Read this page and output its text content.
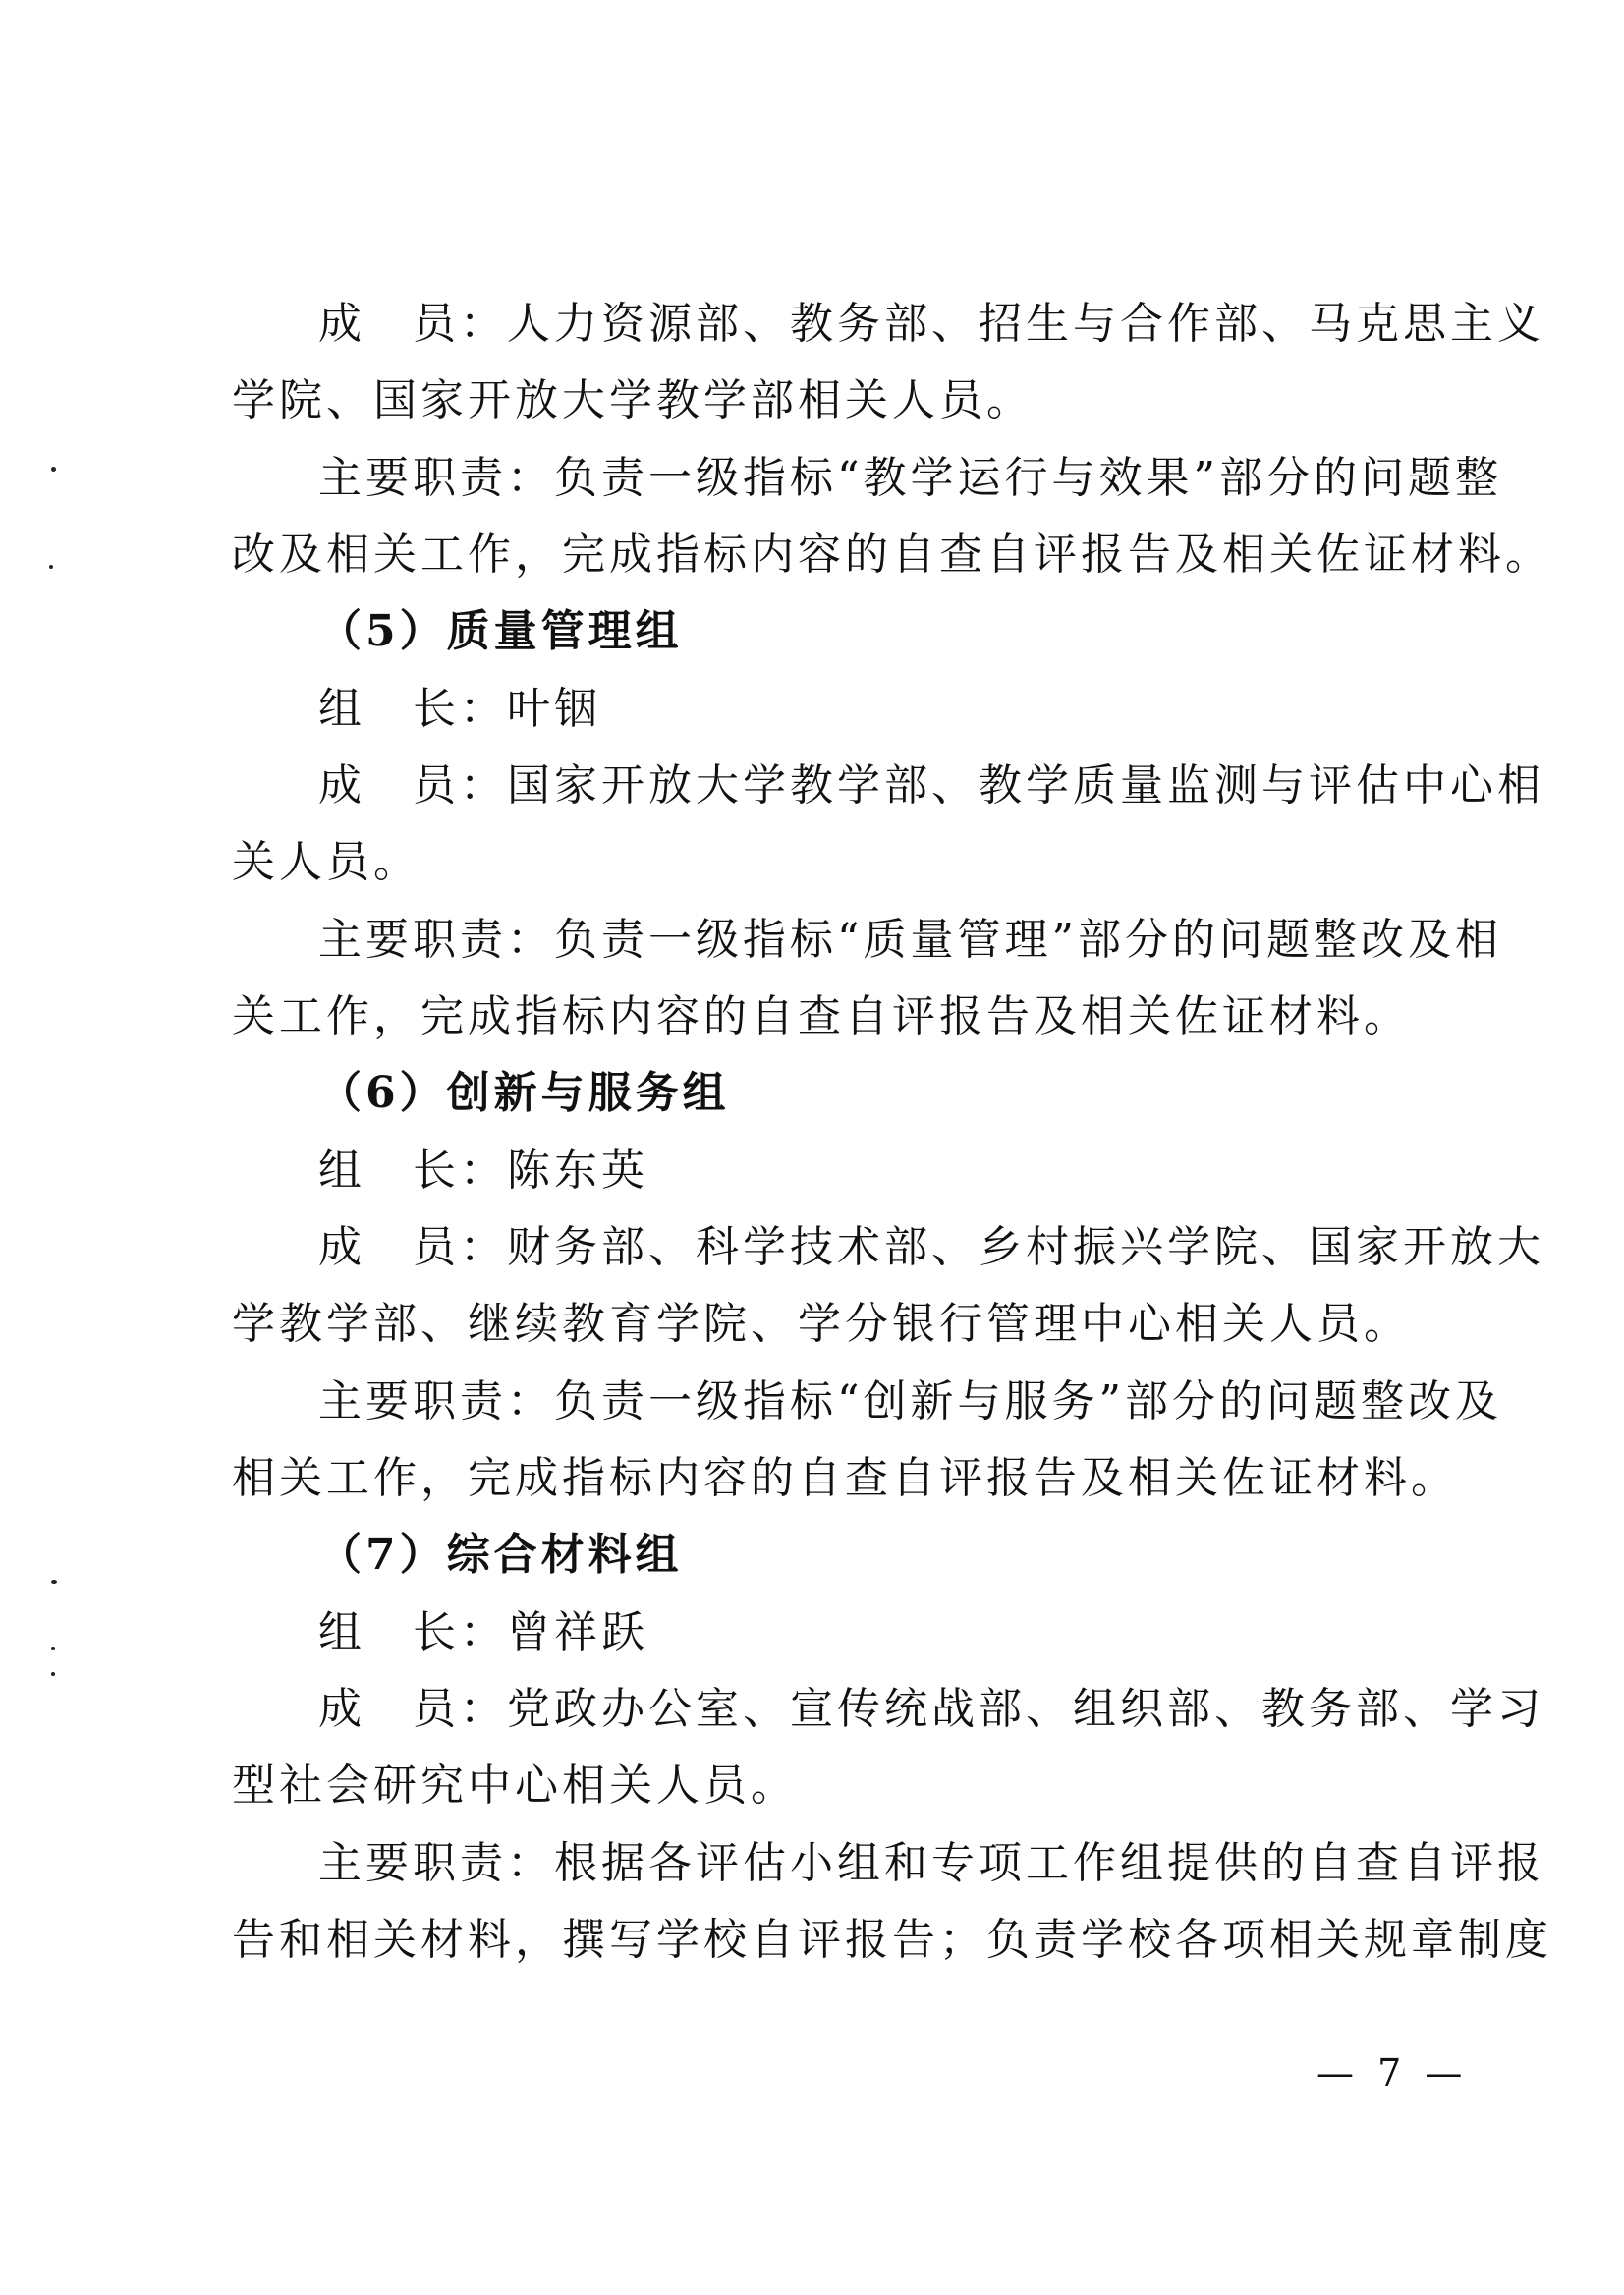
成　员：人力资源部、教务部、招生与合作部、马克思主义
学院、国家开放大学教学部相关人员。
主要职责：负责一级指标“教学运行与效果”部分的问题整
改及相关工作，完成指标内容的自查自评报告及相关佐证材料。
（5）质量管理组
组　长：叶铟
成　员：国家开放大学教学部、教学质量监测与评估中心相
关人员。
主要职责：负责一级指标“质量管理”部分的问题整改及相
关工作，完成指标内容的自查自评报告及相关佐证材料。
（6）创新与服务组
组　长：陈东英
成　员：财务部、科学技术部、乡村振兴学院、国家开放大
学教学部、继续教育学院、学分银行管理中心相关人员。
主要职责：负责一级指标“创新与服务”部分的问题整改及
相关工作，完成指标内容的自查自评报告及相关佐证材料。
（7）综合材料组
组　长：曾祥跃
成　员：党政办公室、宣传统战部、组织部、教务部、学习
型社会研究中心相关人员。
主要职责：根据各评估小组和专项工作组提供的自查自评报
告和相关材料，撰写学校自评报告；负责学校各项相关规章制度
— 7 —
